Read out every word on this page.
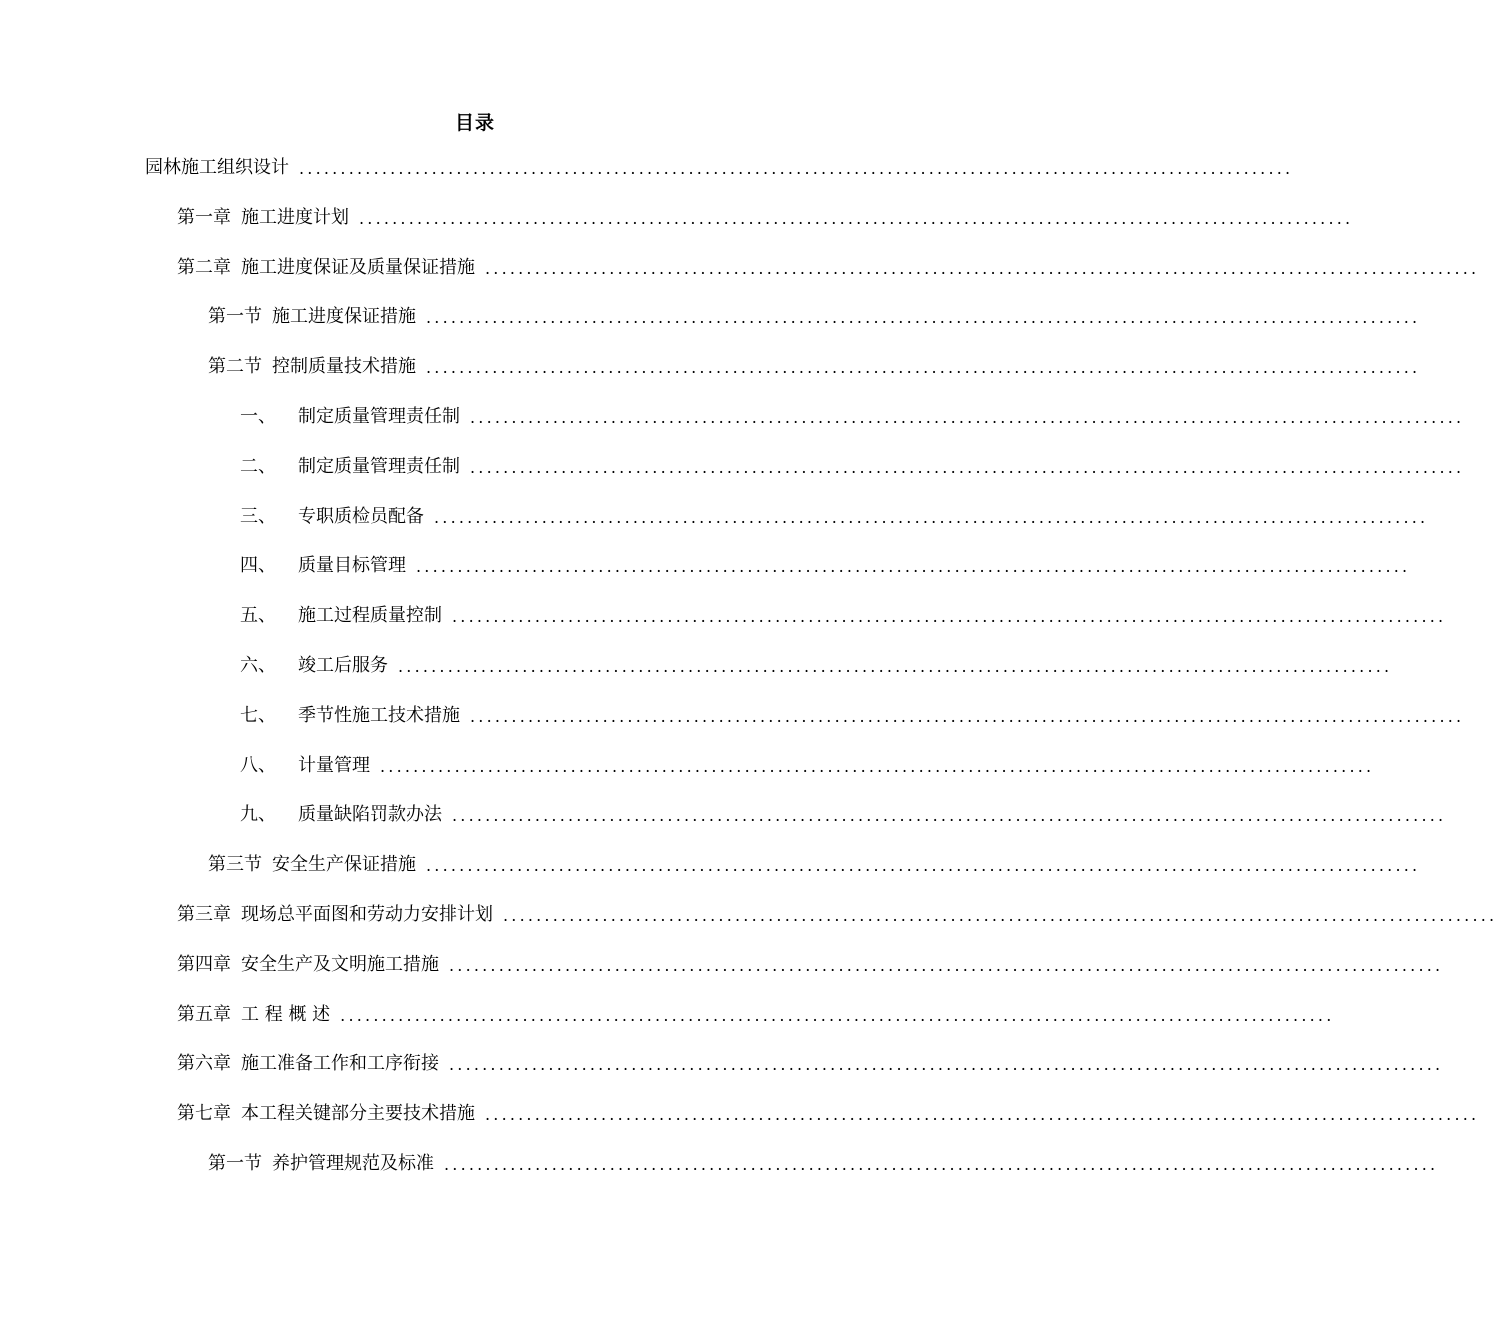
目录
园林施工组织设计 ........................................................................................................................
第一章 施工进度计划 ........................................................................................................................
第二章 施工进度保证及质量保证措施 ........................................................................................................................
第一节 施工进度保证措施 ........................................................................................................................
第二节 控制质量技术措施 ........................................................................................................................
一、 制定质量管理责任制 ........................................................................................................................
二、 制定质量管理责任制 ........................................................................................................................
三、 专职质检员配备 ........................................................................................................................
四、 质量目标管理 ........................................................................................................................
五、 施工过程质量控制 ........................................................................................................................
六、 竣工后服务 ........................................................................................................................
七、 季节性施工技术措施 ........................................................................................................................
八、 计量管理 ........................................................................................................................
九、 质量缺陷罚款办法 ........................................................................................................................
第三节 安全生产保证措施 ........................................................................................................................
第三章 现场总平面图和劳动力安排计划 ........................................................................................................................
第四章 安全生产及文明施工措施 ........................................................................................................................
第五章 工 程 概 述 ........................................................................................................................
第六章 施工准备工作和工序衔接 ........................................................................................................................
第七章 本工程关键部分主要技术措施 ........................................................................................................................
第一节 养护管理规范及标准 ........................................................................................................................
